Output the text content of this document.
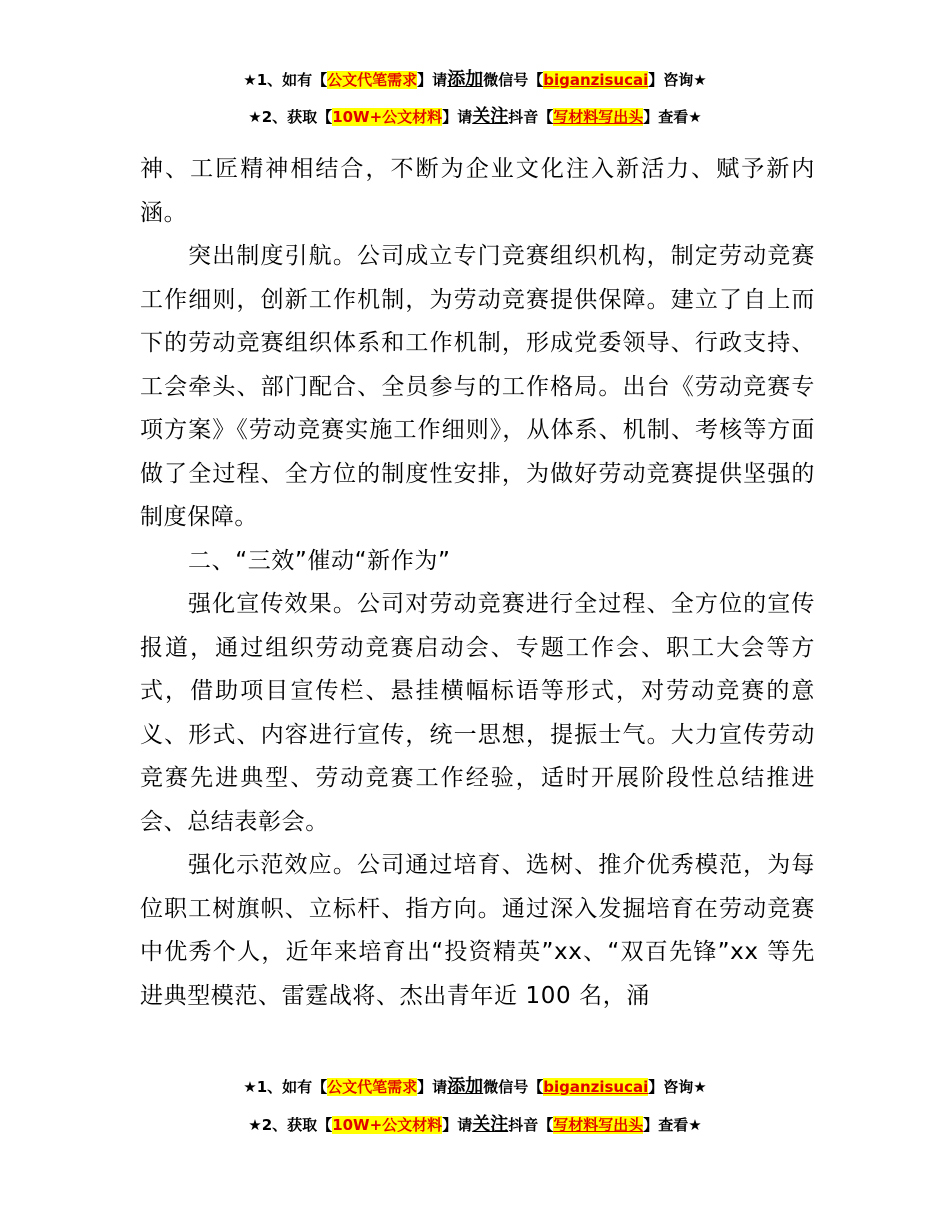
★1、如有【公文代笔需求】请添加微信号【biganzisucai】咨询★
★2、获取【10W+公文材料】请关注抖音【写材料写出头】查看★

神、工匠精神相结合，不断为企业文化注入新活力、赋予新内涵。

突出制度引航。公司成立专门竞赛组织机构，制定劳动竞赛工作细则，创新工作机制，为劳动竞赛提供保障。建立了自上而下的劳动竞赛组织体系和工作机制，形成党委领导、行政支持、工会牵头、部门配合、全员参与的工作格局。出台《劳动竞赛专项方案》《劳动竞赛实施工作细则》，从体系、机制、考核等方面做了全过程、全方位的制度性安排，为做好劳动竞赛提供坚强的制度保障。

二、“三效”催动“新作为”

强化宣传效果。公司对劳动竞赛进行全过程、全方位的宣传报道，通过组织劳动竞赛启动会、专题工作会、职工大会等方式，借助项目宣传栏、悬挂横幅标语等形式，对劳动竞赛的意义、形式、内容进行宣传，统一思想，提振士气。大力宣传劳动竞赛先进典型、劳动竞赛工作经验，适时开展阶段性总结推进会、总结表彰会。

强化示范效应。公司通过培育、选树、推介优秀模范，为每位职工树旗帜、立标杆、指方向。通过深入发掘培育在劳动竞赛中优秀个人，近年来培育出“投资精英”xx、“双百先锋”xx 等先进典型模范、雷霆战将、杰出青年近 100 名，涌

★1、如有【公文代笔需求】请添加微信号【biganzisucai】咨询★
★2、获取【10W+公文材料】请关注抖音【写材料写出头】查看★
